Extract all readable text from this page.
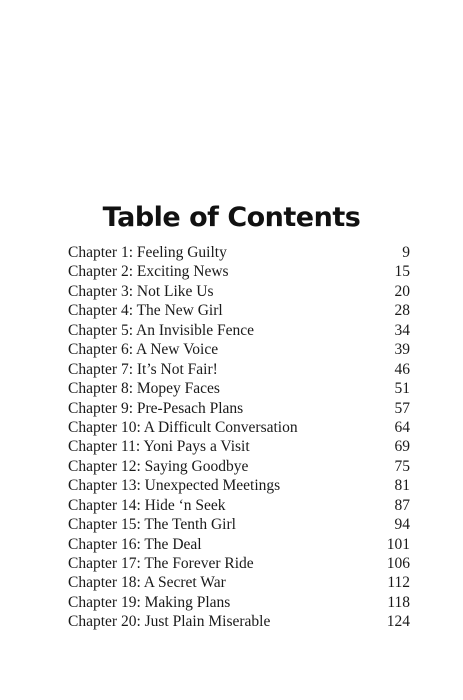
Table of Contents
Chapter 1: Feeling Guilty	9
Chapter 2: Exciting News	15
Chapter 3: Not Like Us	20
Chapter 4: The New Girl	28
Chapter 5: An Invisible Fence	34
Chapter 6: A New Voice	39
Chapter 7: It’s Not Fair!	46
Chapter 8: Mopey Faces	51
Chapter 9: Pre-Pesach Plans	57
Chapter 10: A Difficult Conversation	64
Chapter 11: Yoni Pays a Visit	69
Chapter 12: Saying Goodbye	75
Chapter 13: Unexpected Meetings	81
Chapter 14: Hide ‘n Seek	87
Chapter 15: The Tenth Girl	94
Chapter 16: The Deal	101
Chapter 17: The Forever Ride	106
Chapter 18: A Secret War	112
Chapter 19: Making Plans	118
Chapter 20: Just Plain Miserable	124
